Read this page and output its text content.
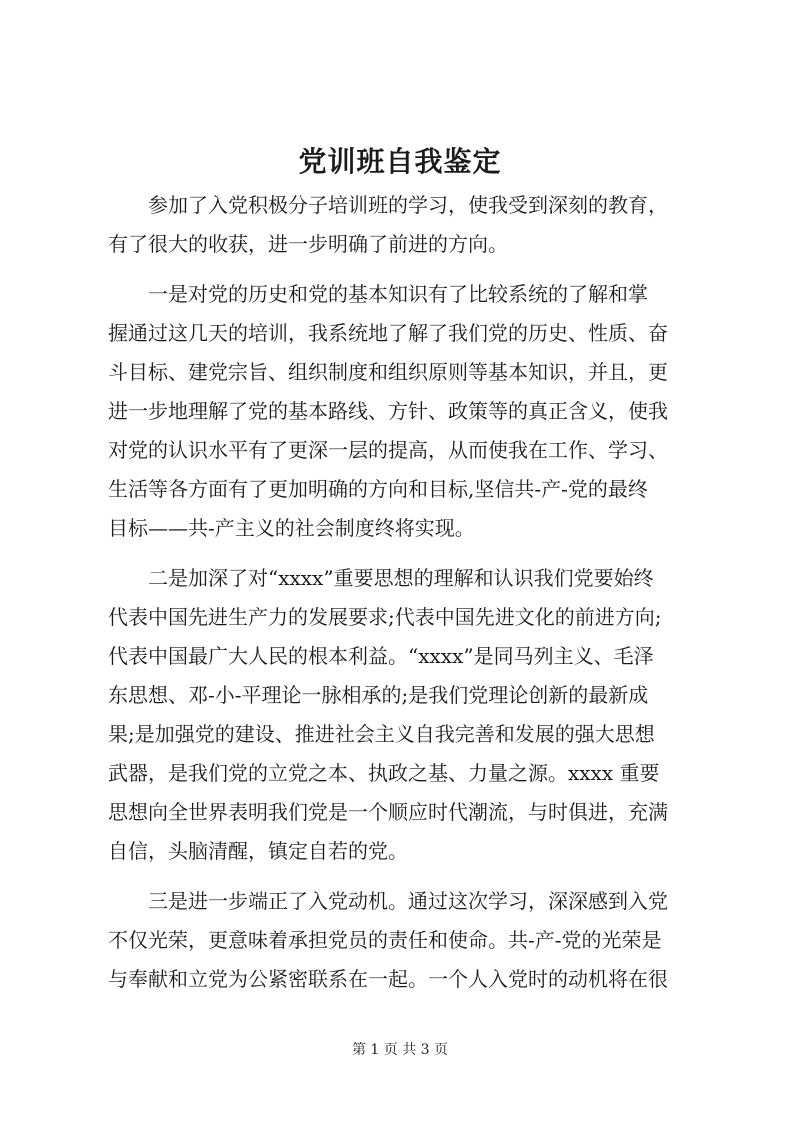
党训班自我鉴定
　　参加了入党积极分子培训班的学习，使我受到深刻的教育，
有了很大的收获，进一步明确了前进的方向。
　　一是对党的历史和党的基本知识有了比较系统的了解和掌
握通过这几天的培训，我系统地了解了我们党的历史、性质、奋
斗目标、建党宗旨、组织制度和组织原则等基本知识，并且，更
进一步地理解了党的基本路线、方针、政策等的真正含义，使我
对党的认识水平有了更深一层的提高，从而使我在工作、学习、
生活等各方面有了更加明确的方向和目标,坚信共-产-党的最终
目标——共-产主义的社会制度终将实现。
　　二是加深了对“xxxx”重要思想的理解和认识我们党要始终
代表中国先进生产力的发展要求;代表中国先进文化的前进方向;
代表中国最广大人民的根本利益。“xxxx”是同马列主义、毛泽
东思想、邓-小-平理论一脉相承的;是我们党理论创新的最新成
果;是加强党的建设、推进社会主义自我完善和发展的强大思想
武器，是我们党的立党之本、执政之基、力量之源。xxxx 重要
思想向全世界表明我们党是一个顺应时代潮流，与时俱进，充满
自信，头脑清醒，镇定自若的党。
　　三是进一步端正了入党动机。通过这次学习，深深感到入党
不仅光荣，更意味着承担党员的责任和使命。共-产-党的光荣是
与奉献和立党为公紧密联系在一起。一个人入党时的动机将在很
第 1 页 共 3 页
